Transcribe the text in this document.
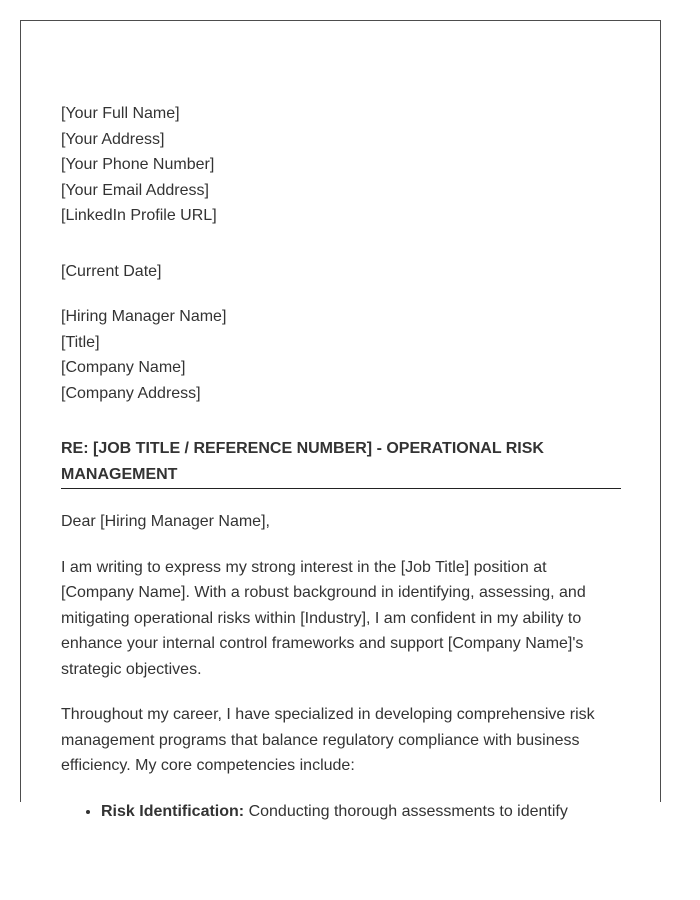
[Your Full Name]

[Your Address]

[Your Phone Number]

[Your Email Address]

[LinkedIn Profile URL]

[Current Date]

[Hiring Manager Name]

[Title]

[Company Name]

[Company Address]

RE: [JOB TITLE / REFERENCE NUMBER] - OPERATIONAL RISK MANAGEMENT

Dear [Hiring Manager Name],

I am writing to express my strong interest in the [Job Title] position at [Company Name]. With a robust background in identifying, assessing, and mitigating operational risks within [Industry], I am confident in my ability to enhance your internal control frameworks and support [Company Name]'s strategic objectives.

Throughout my career, I have specialized in developing comprehensive risk management programs that balance regulatory compliance with business efficiency. My core competencies include:

• Risk Identification: Conducting thorough assessments to identify
